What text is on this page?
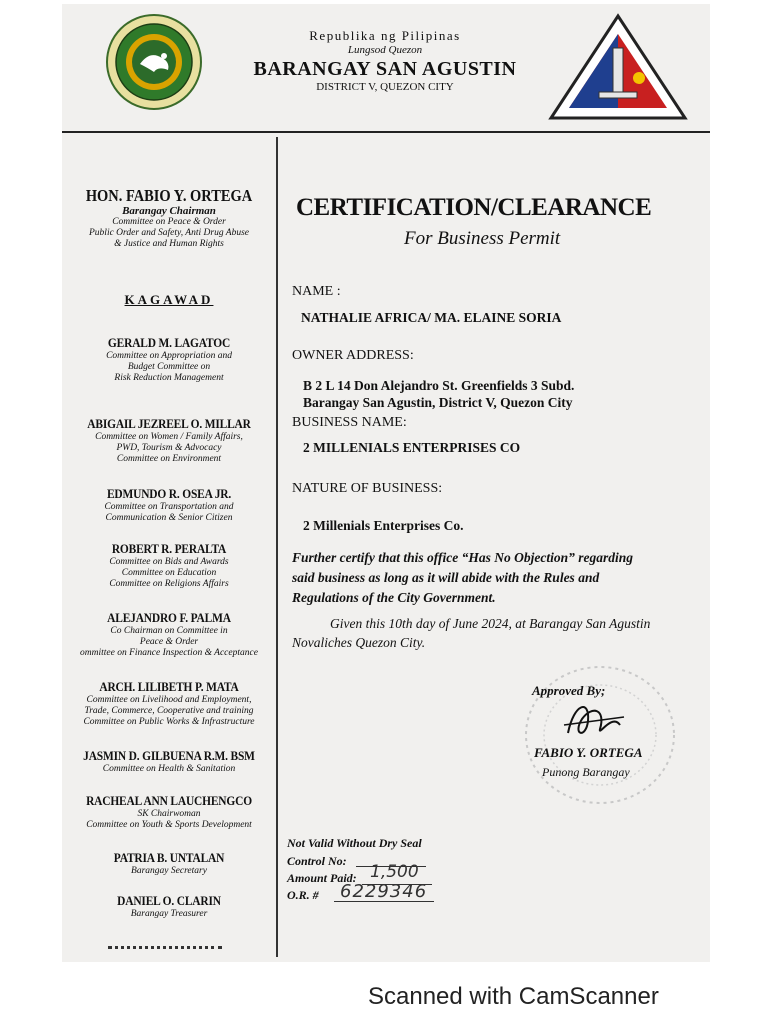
Republika ng Pilipinas
Lungsod Quezon
BARANGAY SAN AGUSTIN
DISTRICT V, QUEZON CITY
HON. FABIO Y. ORTEGA
Barangay Chairman
Committee on Peace & Order
Public Order and Safety, Anti Drug Abuse
& Justice and Human Rights
KAGAWAD
GERALD M. LAGATOC
Committee on Appropriation and
Budget Committee on
Risk Reduction Management
ABIGAIL JEZREEL O. MILLAR
Committee on Women / Family Affairs,
PWD, Tourism & Advocacy
Committee on Environment
EDMUNDO R. OSEA JR.
Committee on Transportation and
Communication & Senior Citizen
ROBERT R. PERALTA
Committee on Bids and Awards
Committee on Education
Committee on Religions Affairs
ALEJANDRO F. PALMA
Co Chairman on Committee in
Peace & Order
ommittee on Finance Inspection & Acceptance
ARCH. LILIBETH P. MATA
Committee on Livelihood and Employment,
Trade, Commerce, Cooperative and training
Committee on Public Works & Infrastructure
JASMIN D. GILBUENA R.M. BSM
Committee on Health & Sanitation
RACHEAL ANN LAUCHENGCO
SK Chairwoman
Committee on Youth & Sports Development
PATRIA B. UNTALAN
Barangay Secretary
DANIEL O. CLARIN
Barangay Treasurer
CERTIFICATION/CLEARANCE
For Business Permit
NAME :
NATHALIE AFRICA/ MA. ELAINE SORIA
OWNER ADDRESS:
B 2 L 14 Don Alejandro St. Greenfields 3 Subd.
Barangay San Agustin, District V, Quezon City
BUSINESS NAME:
2 MILLENIALS ENTERPRISES CO
NATURE OF BUSINESS:
2 Millenials Enterprises Co.
Further certify that this office “Has No Objection” regarding
said business as long as it will abide with the Rules and
Regulations of the City Government.
Given this 10th day of June 2024, at Barangay San Agustin
Novaliches Quezon City.
Approved By;
FABIO Y. ORTEGA
Punong Barangay
Not Valid Without Dry Seal
Control No:
Amount Paid: 1,500
O.R. # 6229346
Scanned with CamScanner
